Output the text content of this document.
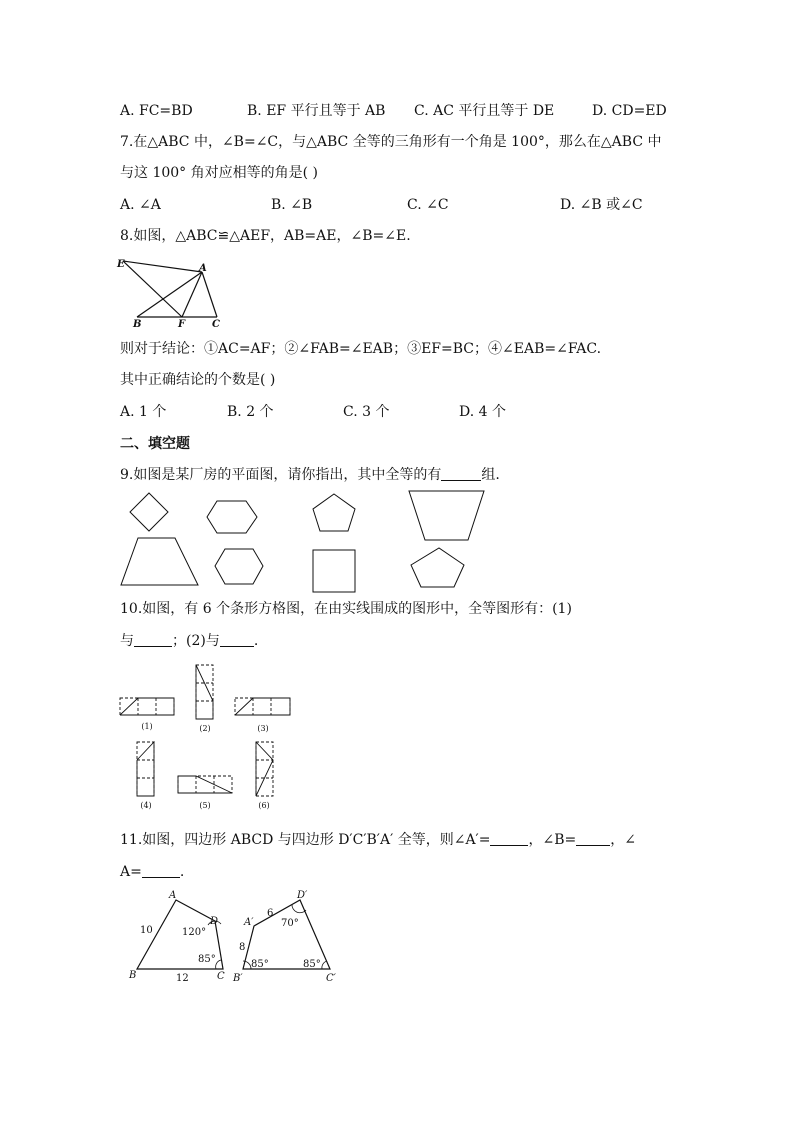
A. FC=BD	B. EF 平行且等于 AB C. AC 平行且等于 DE	D. CD=ED
7.在△ABC 中，∠B=∠C，与△ABC 全等的三角形有一个角是 100°，那么在△ABC 中
与这 100° 角对应相等的角是( )
A. ∠A	B. ∠B	C. ∠C	D. ∠B 或∠C
8.如图，△ABC≌△AEF，AB=AE，∠B=∠E.
E	A
B	F	C
则对于结论：①AC=AF；②∠FAB=∠EAB；③EF=BC；④∠EAB=∠FAC.
其中正确结论的个数是( )
A. 1 个	B. 2 个	C. 3 个	D. 4 个
二、填空题
9.如图是某厂房的平面图，请你指出，其中全等的有	组.
10.如图，有 6 个条形方格图，在由实线围成的图形中，全等图形有：(1)
与	；(2)与 .
(1)	(2)	(3)
(4)	(5)	(6)
11.如图，四边形 ABCD 与四边形 D′C′B′A′ 全等，则∠A′=	，∠B= ，∠
A=	.
A
D
B	C
10
12
120°
85°
A′
D′
B′	C′
6
8
70°
85°	85°
